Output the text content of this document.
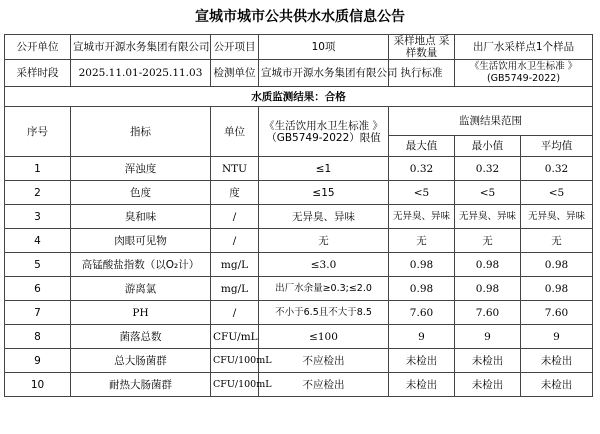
宣城市城市公共供水水质信息公告
公开单位	宣城市开源水务集团有限公司	公开项目	10项	采样地点 采样数量	出厂水采样点1个样品	
采样时段	2025.11.01-2025.11.03	检测单位	宣城市开源水务集团有限公司	执行标准	《生活饮用水卫生标准 》(GB5749-2022)	
水质监测结果：合格						
序号	指标	单位	《生活饮用水卫生标准 》（GB5749-2022）限值	监测结果范围		
				最大值	最小值	平均值
1	浑浊度	NTU	≤1	0.32	0.32	0.32
2	色度	度	≤15	<5	<5	<5
3	臭和味	/	无异臭、异味	无异臭、异味	无异臭、异味	无异臭、异味
4	肉眼可见物	/	无	无	无	无
5	高锰酸盐指数（以O₂计）	mg/L	≤3.0	0.98	0.98	0.98
6	游离氯	mg/L	出厂水余量≥0.3;≤2.0	0.98	0.98	0.98
7	PH	/	不小于6.5且不大于8.5	7.60	7.60	7.60
8	菌落总数	CFU/mL	≤100	9	9	9
9	总大肠菌群	CFU/100mL	不应检出	未检出	未检出	未检出
10	耐热大肠菌群	CFU/100mL	不应检出	未检出	未检出	未检出
